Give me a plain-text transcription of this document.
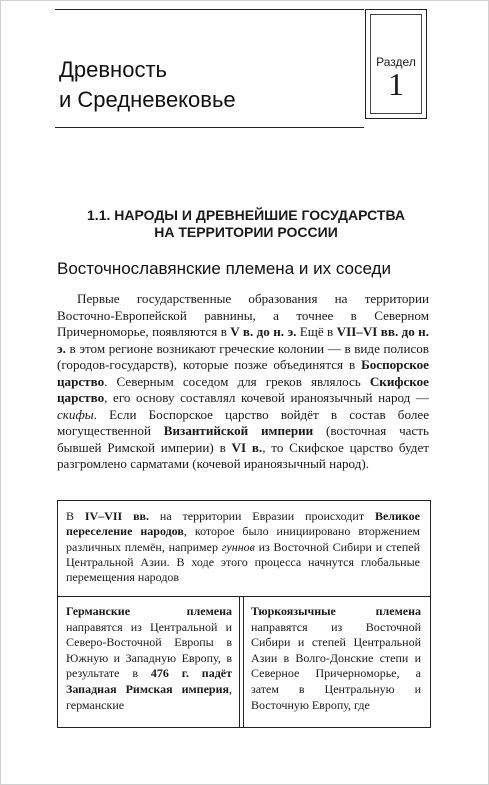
Древность
и Средневековье
Раздел
1
1.1. НАРОДЫ И ДРЕВНЕЙШИЕ ГОСУДАРСТВА
НА ТЕРРИТОРИИ РОССИИ
Восточнославянские племена и их соседи

Первые государственные образования на территории Восточно-Европейской равнины, а точнее в Северном Причерноморье, появляются в V в. до н. э. Ещё в VII–VI вв. до н. э. в этом регионе возникают греческие колонии — в виде полисов (городов-государств), которые позже объединятся в Боспорское царство. Северным соседом для греков являлось Скифское царство, его основу составлял кочевой ираноязычный народ — скифы. Если Боспорское царство войдёт в состав более могущественной Византийской империи (восточная часть бывшей Римской империи) в VI в., то Скифское царство будет разгромлено сарматами (кочевой ираноязычный народ).

В IV–VII вв. на территории Евразии происходит Великое переселение народов, которое было инициировано вторжением различных племён, например гуннов из Восточной Сибири и степей Центральной Азии. В ходе этого процесса начнутся глобальные перемещения народов
Германские племена направятся из Центральной и Северо-Восточной Европы в Южную и Западную Европу, в результате в 476 г. падёт Западная Римская империя, германские
Тюркоязычные племена направятся из Восточной Сибири и степей Центральной Азии в Волго-Донские степи и Северное Причерноморье, а затем в Центральную и Восточную Европу, где
